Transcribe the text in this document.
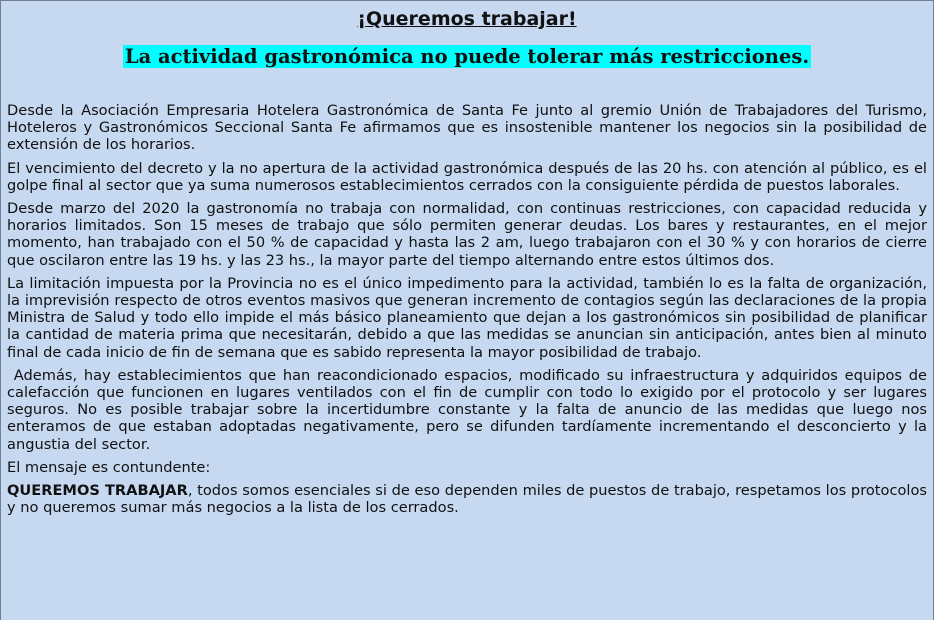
¡Queremos trabajar!
La actividad gastronómica no puede tolerar más restricciones.

Desde la Asociación Empresaria Hotelera Gastronómica de Santa Fe junto al gremio Unión de Trabajadores del Turismo, Hoteleros y Gastronómicos Seccional Santa Fe afirmamos que es insostenible mantener los negocios sin la posibilidad de extensión de los horarios.

El vencimiento del decreto y la no apertura de la actividad gastronómica después de las 20 hs. con atención al público, es el golpe final al sector que ya suma numerosos establecimientos cerrados con la consiguiente pérdida de puestos laborales.

Desde marzo del 2020 la gastronomía no trabaja con normalidad, con continuas restricciones, con capacidad reducida y horarios limitados. Son 15 meses de trabajo que sólo permiten generar deudas. Los bares y restaurantes, en el mejor momento, han trabajado con el 50 % de capacidad y hasta las 2 am, luego trabajaron con el 30 % y con horarios de cierre que oscilaron entre las 19 hs. y las 23 hs., la mayor parte del tiempo alternando entre estos últimos dos.

La limitación impuesta por la Provincia no es el único impedimento para la actividad, también lo es la falta de organización, la imprevisión respecto de otros eventos masivos que generan incremento de contagios según las declaraciones de la propia Ministra de Salud y todo ello impide el más básico planeamiento que dejan a los gastronómicos sin posibilidad de planificar la cantidad de materia prima que necesitarán, debido a que las medidas se anuncian sin anticipación, antes bien al minuto final de cada inicio de fin de semana que es sabido representa la mayor posibilidad de trabajo.

Además, hay establecimientos que han reacondicionado espacios, modificado su infraestructura y adquiridos equipos de calefacción que funcionen en lugares ventilados con el fin de cumplir con todo lo exigido por el protocolo y ser lugares seguros. No es posible trabajar sobre la incertidumbre constante y la falta de anuncio de las medidas que luego nos enteramos de que estaban adoptadas negativamente, pero se difunden tardíamente incrementando el desconcierto y la angustia del sector.

El mensaje es contundente:

QUEREMOS TRABAJAR, todos somos esenciales si de eso dependen miles de puestos de trabajo, respetamos los protocolos y no queremos sumar más negocios a la lista de los cerrados.
